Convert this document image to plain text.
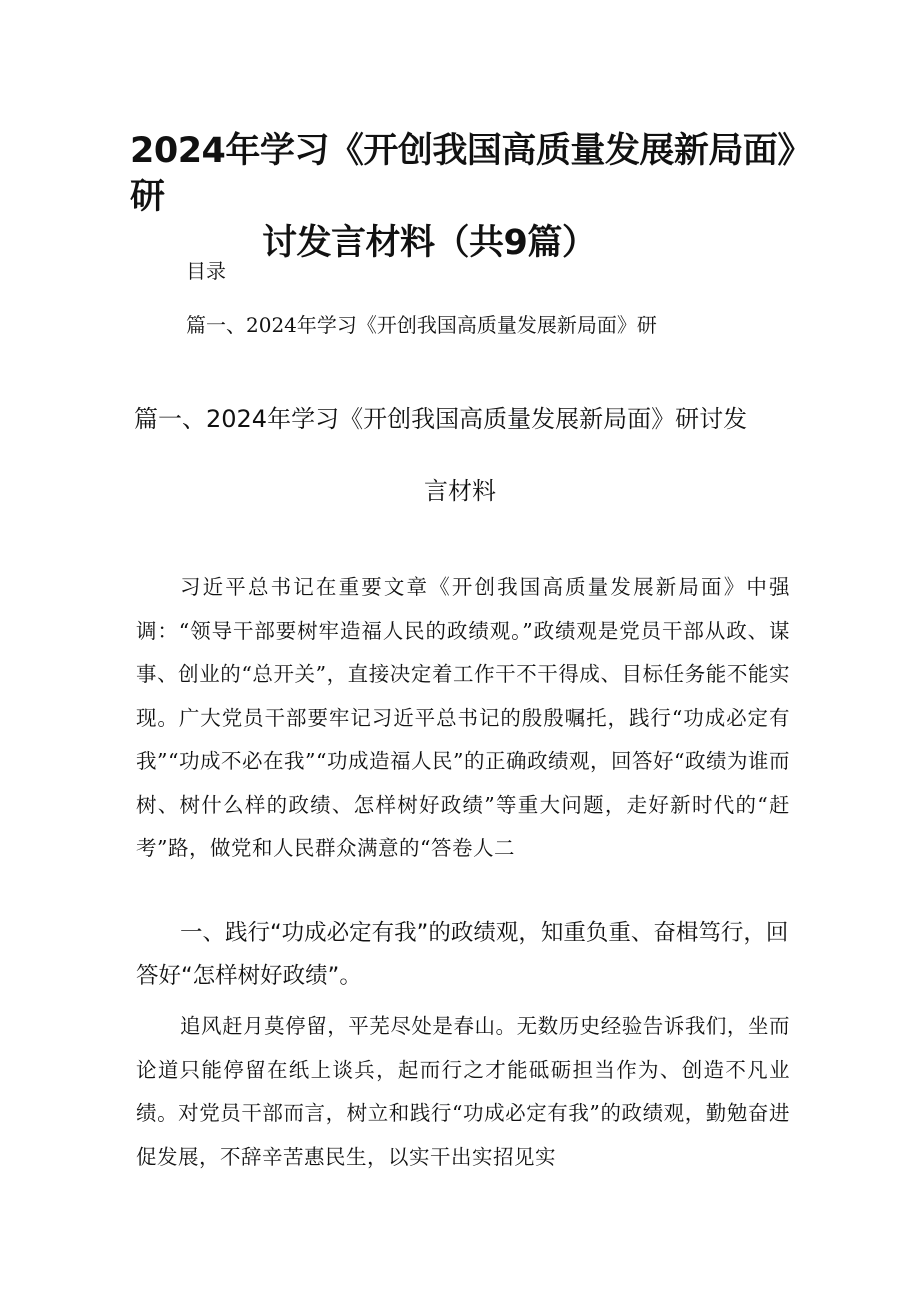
2024年学习《开创我国高质量发展新局面》研
讨发言材料（共9篇）
目录
篇一、2024年学习《开创我国高质量发展新局面》研
篇一、2024年学习《开创我国高质量发展新局面》研讨发
言材料
习近平总书记在重要文章《开创我国高质量发展新局面》中强调：“领导干部要树牢造福人民的政绩观。”政绩观是党员干部从政、谋事、创业的“总开关”，直接决定着工作干不干得成、目标任务能不能实现。广大党员干部要牢记习近平总书记的殷殷嘱托，践行“功成必定有我”“功成不必在我”“功成造福人民”的正确政绩观，回答好“政绩为谁而树、树什么样的政绩、怎样树好政绩”等重大问题，走好新时代的“赶考”路，做党和人民群众满意的“答卷人二
一、践行“功成必定有我”的政绩观，知重负重、奋楫笃行，回答好“怎样树好政绩”。
追风赶月莫停留，平芜尽处是春山。无数历史经验告诉我们，坐而论道只能停留在纸上谈兵，起而行之才能砥砺担当作为、创造不凡业绩。对党员干部而言，树立和践行“功成必定有我”的政绩观，勤勉奋进促发展，不辞辛苦惠民生，以实干出实招见实
